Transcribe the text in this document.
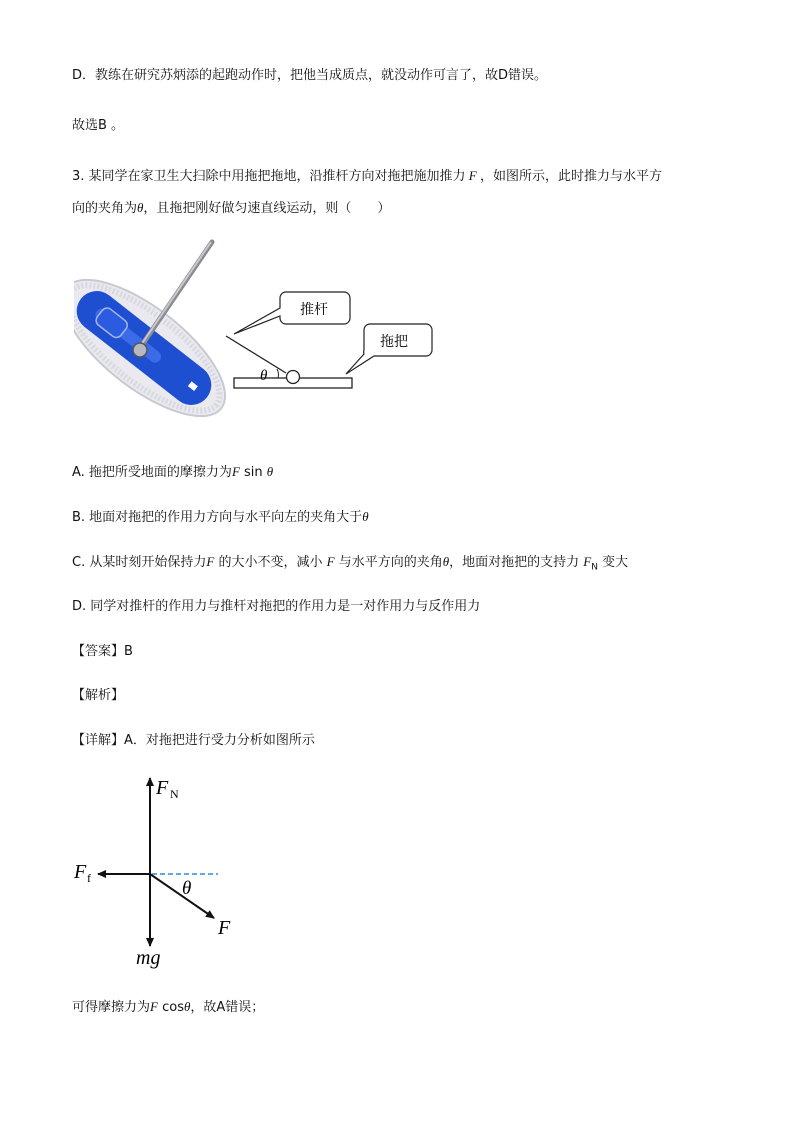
D．教练在研究苏炳添的起跑动作时，把他当成质点，就没动作可言了，故D错误。
故选B 。
3. 某同学在家卫生大扫除中用拖把拖地，沿推杆方向对拖把施加推力 F ，如图所示，此时推力与水平方
向的夹角为θ，且拖把刚好做匀速直线运动，则（　　）
θ
推杆
拖把
A. 拖把所受地面的摩擦力为F sin θ
B. 地面对拖把的作用力方向与水平向左的夹角大于θ
C. 从某时刻开始保持力F 的大小不变，减小 F 与水平方向的夹角θ，地面对拖把的支持力 $F_N$ 变大
D. 同学对推杆的作用力与推杆对拖把的作用力是一对作用力与反作用力
【答案】B
【解析】
【详解】A．对拖把进行受力分析如图所示
F N
mg
F f
F
θ
可得摩擦力为F cosθ，故A错误；
